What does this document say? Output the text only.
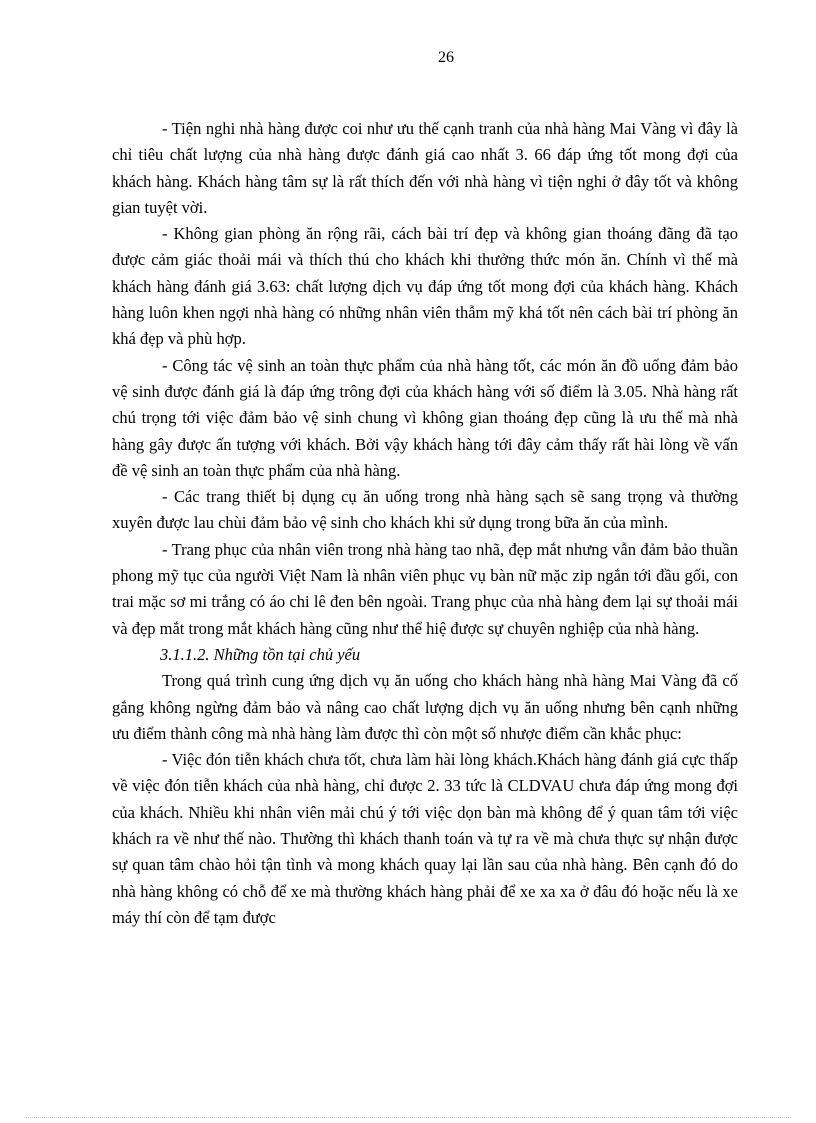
26

- Tiện nghi nhà hàng được coi như ưu thế cạnh tranh của nhà hàng Mai Vàng vì đây là chỉ tiêu chất lượng của nhà hàng được đánh giá cao nhất 3. 66 đáp ứng tốt mong đợi của khách hàng. Khách hàng tâm sự là rất thích đến với nhà hàng vì tiện nghi ở đây tốt và không gian tuyệt vời.

- Không gian phòng ăn rộng rãi, cách bài trí đẹp và không gian thoáng đãng đã tạo được cảm giác thoải mái và thích thú cho khách khi thưởng thức món ăn. Chính vì thế mà khách hàng đánh giá 3.63: chất lượng dịch vụ đáp ứng tốt mong đợi của khách hàng. Khách hàng luôn khen ngợi nhà hàng có những nhân viên thẫm mỹ khá tốt nên cách bài trí phòng ăn khá đẹp và phù hợp.

- Công tác vệ sinh an toàn thực phẩm của nhà hàng tốt, các món ăn đồ uống đảm bảo vệ sinh được đánh giá là đáp ứng trông đợi của khách hàng với số điểm là 3.05. Nhà hàng rất chú trọng tới việc đảm bảo vệ sinh chung vì không gian thoáng đẹp cũng là ưu thế mà nhà hàng gây được ấn tượng với khách. Bởi vậy khách hàng tới đây cảm thấy rất hài lòng về vấn đề vệ sinh an toàn thực phẩm của nhà hàng.

- Các trang thiết bị dụng cụ ăn uống trong nhà hàng sạch sẽ sang trọng và thường xuyên được lau chùi đảm bảo vệ sinh cho khách khi sử dụng trong bữa ăn của mình.

- Trang phục của nhân viên trong nhà hàng tao nhã, đẹp mắt nhưng vẫn đảm bảo thuần phong mỹ tục của người Việt Nam là nhân viên phục vụ bàn nữ mặc zip ngắn tới đầu gối, con trai mặc sơ mi trắng có áo chi lê đen bên ngoài. Trang phục của nhà hàng đem lại sự thoải mái và đẹp mắt trong mắt khách hàng cũng như thể hiệ được sự chuyên nghiệp của nhà hàng.

3.1.1.2. Những tồn tại chủ yếu

Trong quá trình cung ứng dịch vụ ăn uống cho khách hàng nhà hàng Mai Vàng đã cố gắng không ngừng đảm bảo và nâng cao chất lượng dịch vụ ăn uống nhưng bên cạnh những ưu điểm thành công mà nhà hàng làm được thì còn một số nhược điểm cần khắc phục:

- Việc đón tiễn khách chưa tốt, chưa làm hài lòng khách.Khách hàng đánh giá cực thấp về việc đón tiễn khách của nhà hàng, chỉ được 2. 33 tức là CLDVAU chưa đáp ứng mong đợi của khách. Nhiều khi nhân viên mải chú ý tới việc dọn bàn mà không để ý quan tâm tới việc khách ra về như thế nào. Thường thì khách thanh toán và tự ra về mà chưa thực sự nhận được sự quan tâm chào hỏi tận tình và mong khách quay lại lần sau của nhà hàng. Bên cạnh đó do nhà hàng không có chỗ để xe mà thường khách hàng phải để xe xa xa ở đâu đó hoặc nếu là xe máy thí còn để tạm được
